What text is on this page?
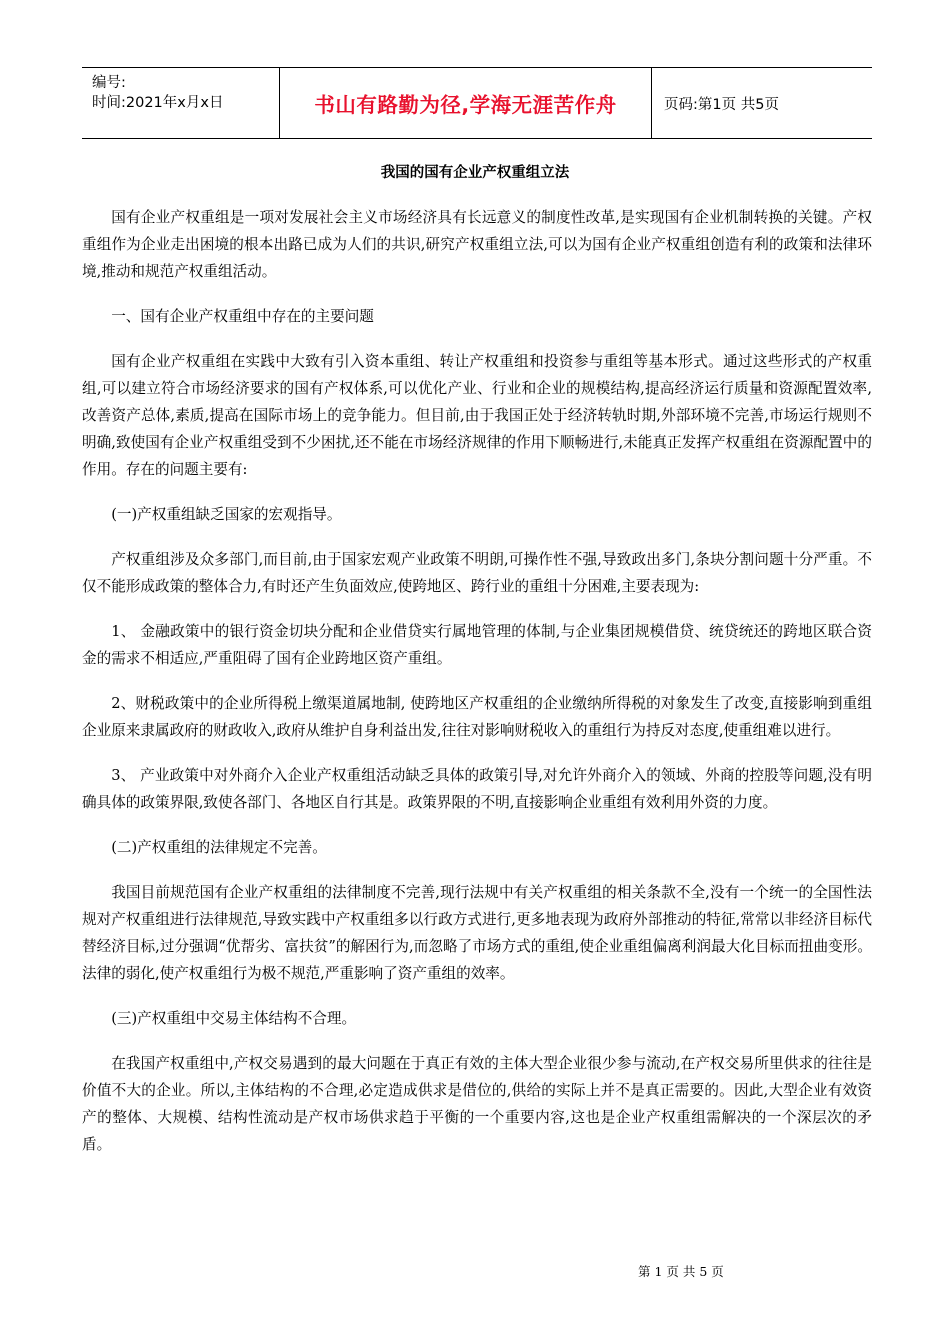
编号:
时间:2021年x月x日	书山有路勤为径,学海无涯苦作舟	页码:第1页 共5页
我国的国有企业产权重组立法

国有企业产权重组是一项对发展社会主义市场经济具有长远意义的制度性改革,是实现国有企业机制转换的关键。产权重组作为企业走出困境的根本出路已成为人们的共识,研究产权重组立法,可以为国有企业产权重组创造有利的政策和法律环境,推动和规范产权重组活动。

一、国有企业产权重组中存在的主要问题

国有企业产权重组在实践中大致有引入资本重组、转让产权重组和投资参与重组等基本形式。通过这些形式的产权重组,可以建立符合市场经济要求的国有产权体系,可以优化产业、行业和企业的规模结构,提高经济运行质量和资源配置效率,改善资产总体,素质,提高在国际市场上的竞争能力。但目前,由于我国正处于经济转轨时期,外部环境不完善,市场运行规则不明确,致使国有企业产权重组受到不少困扰,还不能在市场经济规律的作用下顺畅进行,未能真正发挥产权重组在资源配置中的作用。存在的问题主要有:

(一)产权重组缺乏国家的宏观指导。

产权重组涉及众多部门,而目前,由于国家宏观产业政策不明朗,可操作性不强,导致政出多门,条块分割问题十分严重。不仅不能形成政策的整体合力,有时还产生负面效应,使跨地区、跨行业的重组十分困难,主要表现为:

1、 金融政策中的银行资金切块分配和企业借贷实行属地管理的体制,与企业集团规模借贷、统贷统还的跨地区联合资金的需求不相适应,严重阻碍了国有企业跨地区资产重组。

2、财税政策中的企业所得税上缴渠道属地制, 使跨地区产权重组的企业缴纳所得税的对象发生了改变,直接影响到重组企业原来隶属政府的财政收入,政府从维护自身利益出发,往往对影响财税收入的重组行为持反对态度,使重组难以进行。

3、 产业政策中对外商介入企业产权重组活动缺乏具体的政策引导,对允许外商介入的领域、外商的控股等问题,没有明确具体的政策界限,致使各部门、各地区自行其是。政策界限的不明,直接影响企业重组有效利用外资的力度。

(二)产权重组的法律规定不完善。

我国目前规范国有企业产权重组的法律制度不完善,现行法规中有关产权重组的相关条款不全,没有一个统一的全国性法规对产权重组进行法律规范,导致实践中产权重组多以行政方式进行,更多地表现为政府外部推动的特征,常常以非经济目标代替经济目标,过分强调“优帮劣、富扶贫”的解困行为,而忽略了市场方式的重组,使企业重组偏离利润最大化目标而扭曲变形。法律的弱化,使产权重组行为极不规范,严重影响了资产重组的效率。

(三)产权重组中交易主体结构不合理。

在我国产权重组中,产权交易遇到的最大问题在于真正有效的主体大型企业很少参与流动,在产权交易所里供求的往往是价值不大的企业。所以,主体结构的不合理,必定造成供求是借位的,供给的实际上并不是真正需要的。因此,大型企业有效资产的整体、大规模、结构性流动是产权市场供求趋于平衡的一个重要内容,这也是企业产权重组需解决的一个深层次的矛盾。

第 1 页 共 5 页
